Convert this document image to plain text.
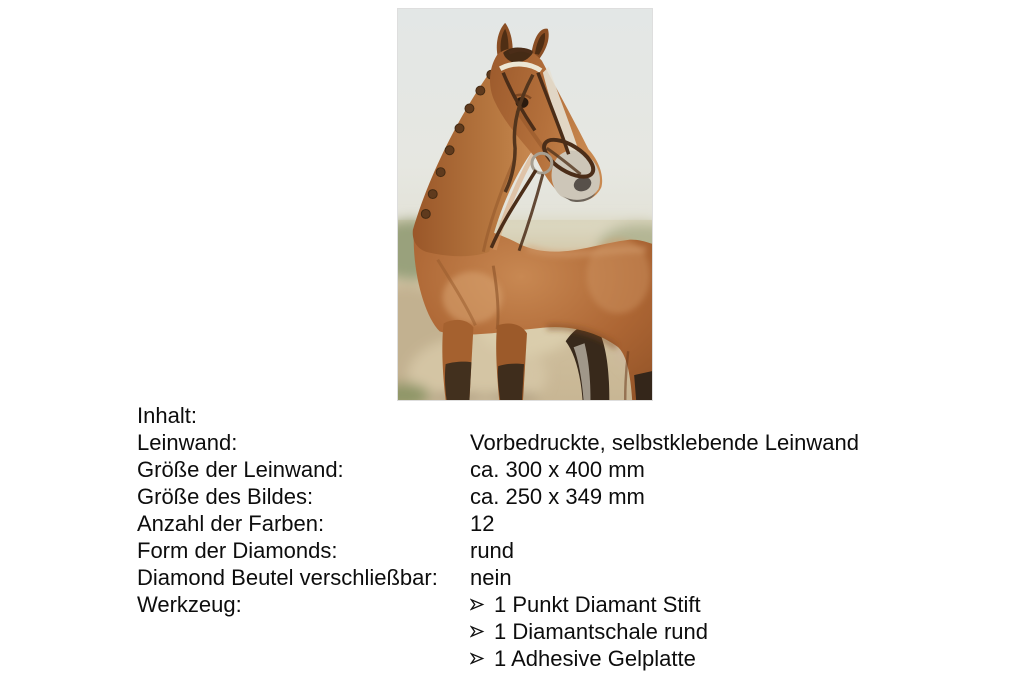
Inhalt:
Leinwand:	Vorbedruckte, selbstklebende Leinwand
Größe der Leinwand:	ca. 300 x 400 mm
Größe des Bildes:	ca. 250 x 349 mm
Anzahl der Farben:	12
Form der Diamonds:	rund
Diamond Beutel verschließbar:	nein
Werkzeug:	1 Punkt Diamant Stift
1 Diamantschale rund
1 Adhesive Gelplatte
